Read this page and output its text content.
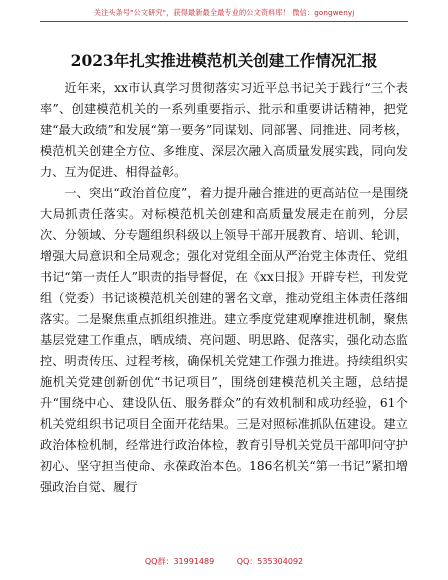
关注头条号"公文研究"，获得最新最全最专业的公文资料库！ 微信：gongwenyj
2023年扎实推进模范机关创建工作情况汇报

近年来，xx市认真学习贯彻落实习近平总书记关于践行“三个表率”、创建模范机关的一系列重要指示、批示和重要讲话精神，把党建“最大政绩”和发展“第一要务”同谋划、同部署、同推进、同考核，模范机关创建全方位、多维度、深层次融入高质量发展实践，同向发力、互为促进、相得益彰。

一、突出“政治首位度”，着力提升融合推进的更高站位一是围绕大局抓责任落实。对标模范机关创建和高质量发展走在前列，分层次、分领域、分专题组织科级以上领导干部开展教育、培训、轮训，增强大局意识和全局观念；强化对党组全面从严治党主体责任、党组书记“第一责任人”职责的指导督促，在《xx日报》开辟专栏，刊发党组（党委）书记谈模范机关创建的署名文章，推动党组主体责任落细落实。二是聚焦重点抓组织推进。建立季度党建观摩推进机制，聚焦基层党建工作重点，晒成绩、亮问题、明思路、促落实，强化动态监控、明责传压、过程考核，确保机关党建工作强力推进。持续组织实施机关党建创新创优“书记项目”，围绕创建模范机关主题，总结提升“围绕中心、建设队伍、服务群众”的有效机制和成功经验，61个机关党组织书记项目全面开花结果。三是对照标准抓队伍建设。建立政治体检机制，经常进行政治体检，教育引导机关党员干部叩问守护初心、坚守担当使命、永葆政治本色。186名机关“第一书记”紧扣增强政治自觉、履行

QQ群：31991489	QQ：535304092
